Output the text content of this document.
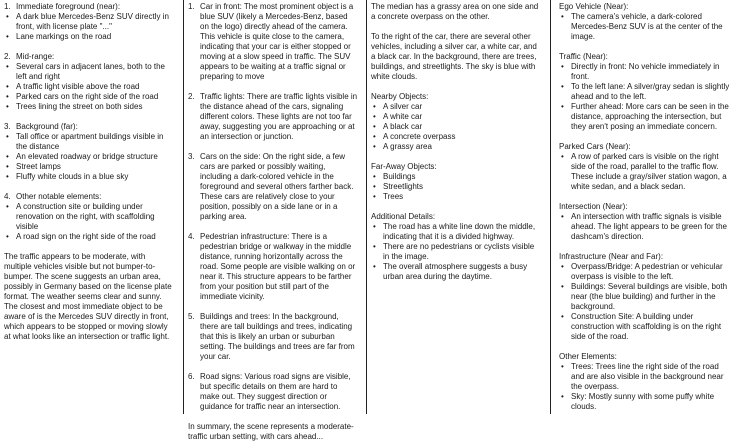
1. Immediate foreground (near):
• A dark blue Mercedes-Benz SUV directly in front, with license plate "..."
• Lane markings on the road
2. Mid-range:
• Several cars in adjacent lanes, both to the left and right
• A traffic light visible above the road
• Parked cars on the right side of the road
• Trees lining the street on both sides
3. Background (far):
• Tall office or apartment buildings visible in the distance
• An elevated roadway or bridge structure
• Street lamps
• Fluffy white clouds in a blue sky
4. Other notable elements:
• A construction site or building under renovation on the right, with scaffolding visible
• A road sign on the right side of the road

The traffic appears to be moderate, with multiple vehicles visible but not bumper-to-bumper. The scene suggests an urban area, possibly in Germany based on the license plate format. The weather seems clear and sunny.

The closest and most immediate object to be aware of is the Mercedes SUV directly in front, which appears to be stopped or moving slowly at what looks like an intersection or traffic light.

1. Car in front: The most prominent object is a blue SUV (likely a Mercedes-Benz, based on the logo) directly ahead of the camera. This vehicle is quite close to the camera, indicating that your car is either stopped or moving at a slow speed in traffic. The SUV appears to be waiting at a traffic signal or preparing to move
2. Traffic lights: There are traffic lights visible in the distance ahead of the cars, signaling different colors. These lights are not too far away, suggesting you are approaching or at an intersection or junction.
3. Cars on the side: On the right side, a few cars are parked or possibly waiting, including a dark-colored vehicle in the foreground and several others farther back. These cars are relatively close to your position, possibly on a side lane or in a parking area.
4. Pedestrian infrastructure: There is a pedestrian bridge or walkway in the middle distance, running horizontally across the road. Some people are visible walking on or near it. This structure appears to be farther from your position but still part of the immediate vicinity.
5. Buildings and trees: In the background, there are tall buildings and trees, indicating that this is likely an urban or suburban setting. The buildings and trees are far from your car.
6. Road signs: Various road signs are visible, but specific details on them are hard to make out. They suggest direction or guidance for traffic near an intersection.

In summary, the scene represents a moderate-traffic urban setting, with cars ahead...

The median has a grassy area on one side and a concrete overpass on the other.

To the right of the car, there are several other vehicles, including a silver car, a white car, and a black car. In the background, there are trees, buildings, and streetlights. The sky is blue with white clouds.

Nearby Objects:

• A silver car
• A white car
• A black car
• A concrete overpass
• A grassy area

Far-Away Objects:

• Buildings
• Streetlights
• Trees

Additional Details:

• The road has a white line down the middle, indicating that it is a divided highway.
• There are no pedestrians or cyclists visible in the image.
• The overall atmosphere suggests a busy urban area during the daytime.

Ego Vehicle (Near):

• The camera's vehicle, a dark-colored Mercedes-Benz SUV is at the center of the image.

Traffic (Near):

• Directly in front: No vehicle immediately in front.
• To the left lane: A silver/gray sedan is slightly ahead and to the left.
• Further ahead: More cars can be seen in the distance, approaching the intersection, but they aren't posing an immediate concern.

Parked Cars (Near):

• A row of parked cars is visible on the right side of the road, parallel to the traffic flow. These include a gray/silver station wagon, a white sedan, and a black sedan.

Intersection (Near):

• An intersection with traffic signals is visible ahead. The light appears to be green for the dashcam's direction.

Infrastructure (Near and Far):

• Overpass/Bridge: A pedestrian or vehicular overpass is visible to the left.
• Buildings: Several buildings are visible, both near (the blue building) and further in the background.
• Construction Site: A building under construction with scaffolding is on the right side of the road.

Other Elements:

• Trees: Trees line the right side of the road and are also visible in the background near the overpass.
• Sky: Mostly sunny with some puffy white clouds.
